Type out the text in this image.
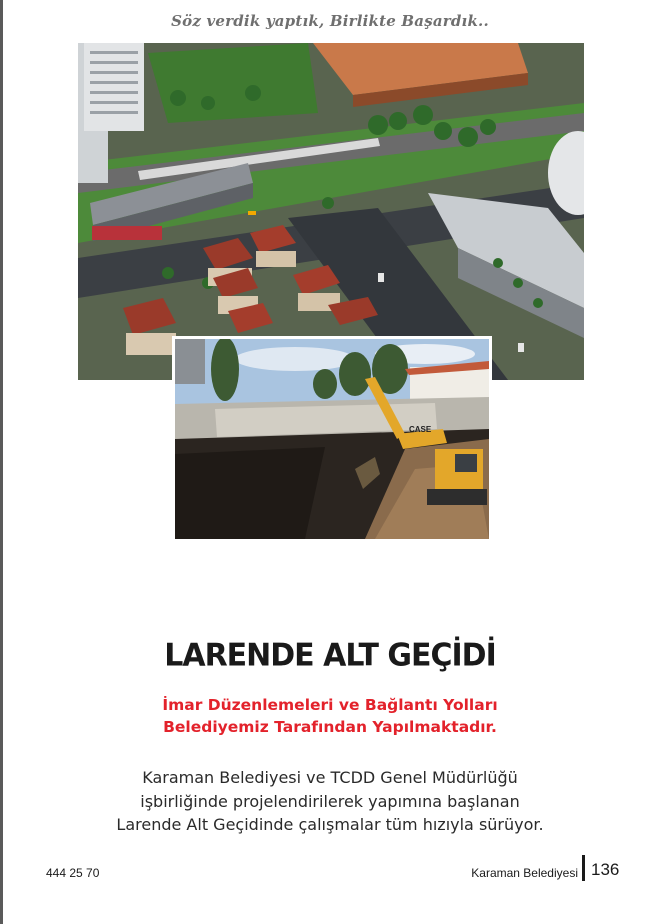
Söz verdik yaptık, Birlikte Başardık..
CASE
LARENDE ALT GEÇİDİ
İmar Düzenlemeleri ve Bağlantı Yolları
Belediyemiz Tarafından Yapılmaktadır.
Karaman Belediyesi ve TCDD Genel Müdürlüğü
işbirliğinde projelendirilerek yapımına başlanan
Larende Alt Geçidinde çalışmalar tüm hızıyla sürüyor.
444 25 70	Karaman Belediyesi 136
